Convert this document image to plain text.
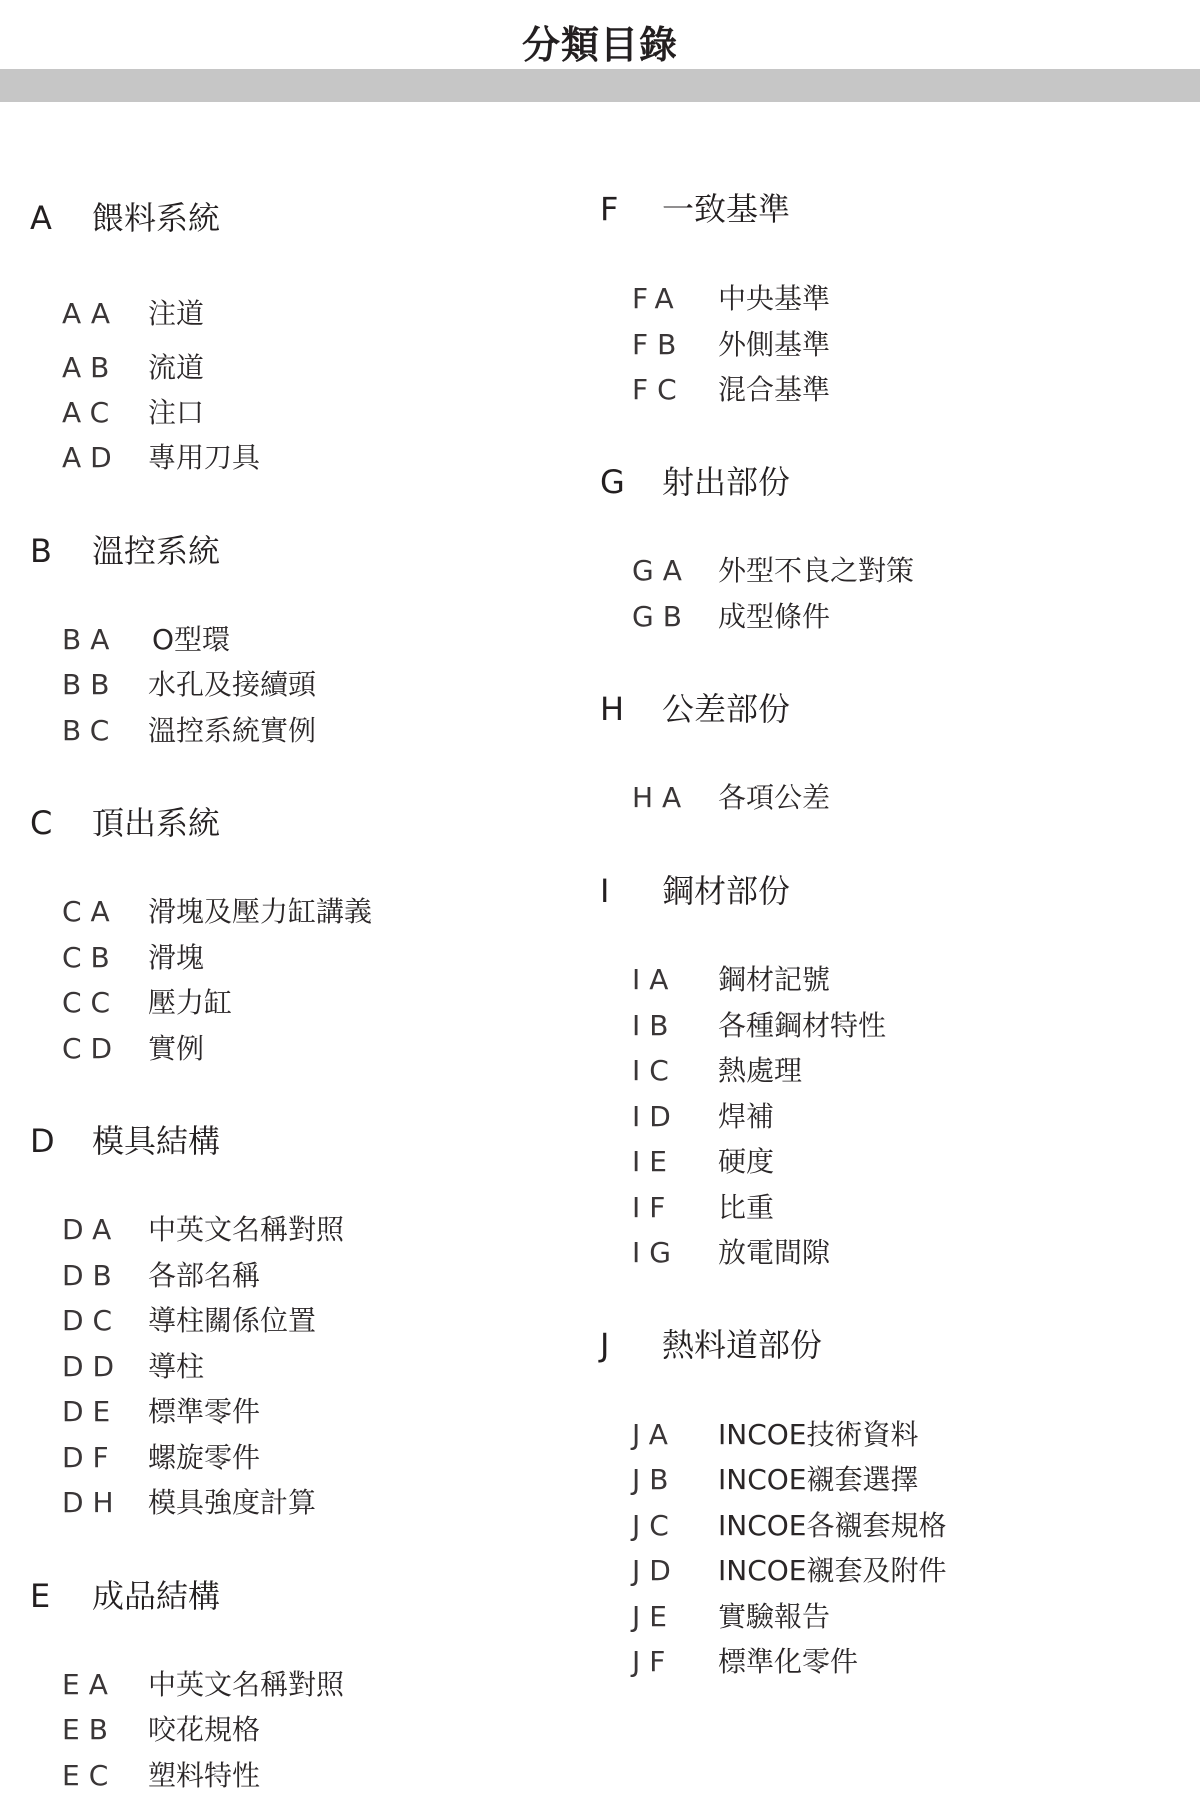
分類目錄
A 餵料系統
AA 注道
AB 流道
AC 注口
AD 專用刀具
B 溫控系統
BA O型環
BB 水孔及接續頭
BC 溫控系統實例
C 頂出系統
CA 滑塊及壓力缸講義
CB 滑塊
CC 壓力缸
CD 實例
D 模具結構
DA 中英文名稱對照
DB 各部名稱
DC 導柱關係位置
DD 導柱
DE 標準零件
DF 螺旋零件
DH 模具強度計算
E 成品結構
EA 中英文名稱對照
EB 咬花規格
EC 塑料特性
F 一致基準
FA 中央基準
FB 外側基準
FC 混合基準
G 射出部份
GA 外型不良之對策
GB 成型條件
H 公差部份
HA 各項公差
I 鋼材部份
IA 鋼材記號
IB 各種鋼材特性
IC 熱處理
ID 焊補
IE 硬度
IF 比重
IG 放電間隙
J 熱料道部份
JA INCOE技術資料
JB INCOE襯套選擇
JC INCOE各襯套規格
JD INCOE襯套及附件
JE 實驗報告
JF 標準化零件
